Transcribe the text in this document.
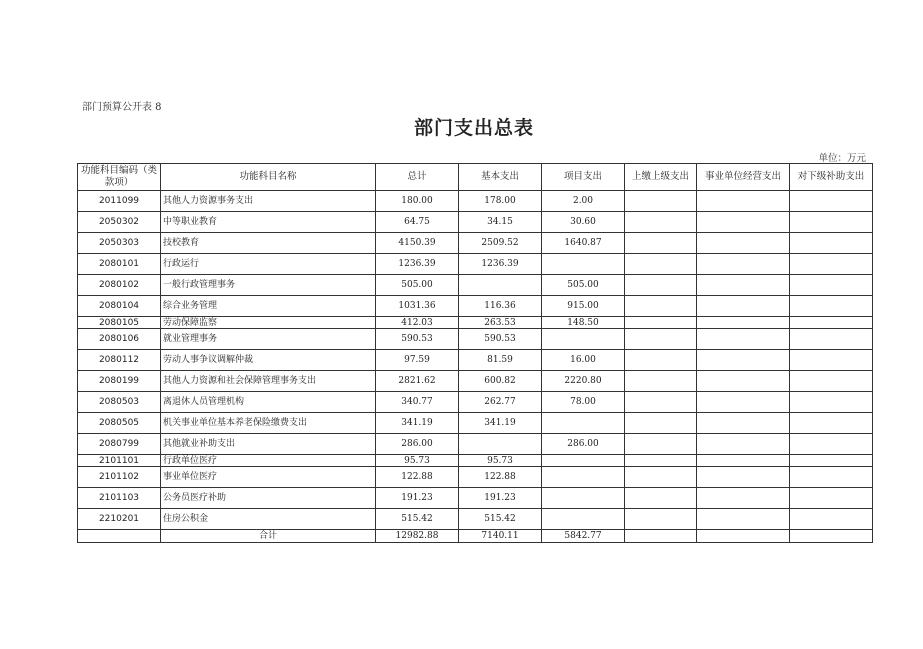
部门预算公开表 8
部门支出总表
单位：万元
功能科目编码（类款项）	功能科目名称	总计	基本支出	项目支出	上缴上级支出	事业单位经营支出	对下级补助支出
2011099	其他人力资源事务支出	180.00	178.00	2.00			
2050302	中等职业教育	64.75	34.15	30.60			
2050303	技校教育	4150.39	2509.52	1640.87			
2080101	行政运行	1236.39	1236.39				
2080102	一般行政管理事务	505.00		505.00			
2080104	综合业务管理	1031.36	116.36	915.00			
2080105	劳动保障监察	412.03	263.53	148.50			
2080106	就业管理事务	590.53	590.53				
2080112	劳动人事争议调解仲裁	97.59	81.59	16.00			
2080199	其他人力资源和社会保障管理事务支出	2821.62	600.82	2220.80			
2080503	离退休人员管理机构	340.77	262.77	78.00			
2080505	机关事业单位基本养老保险缴费支出	341.19	341.19				
2080799	其他就业补助支出	286.00		286.00			
2101101	行政单位医疗	95.73	95.73				
2101102	事业单位医疗	122.88	122.88				
2101103	公务员医疗补助	191.23	191.23				
2210201	住房公积金	515.42	515.42				
	合计	12982.88	7140.11	5842.77			
